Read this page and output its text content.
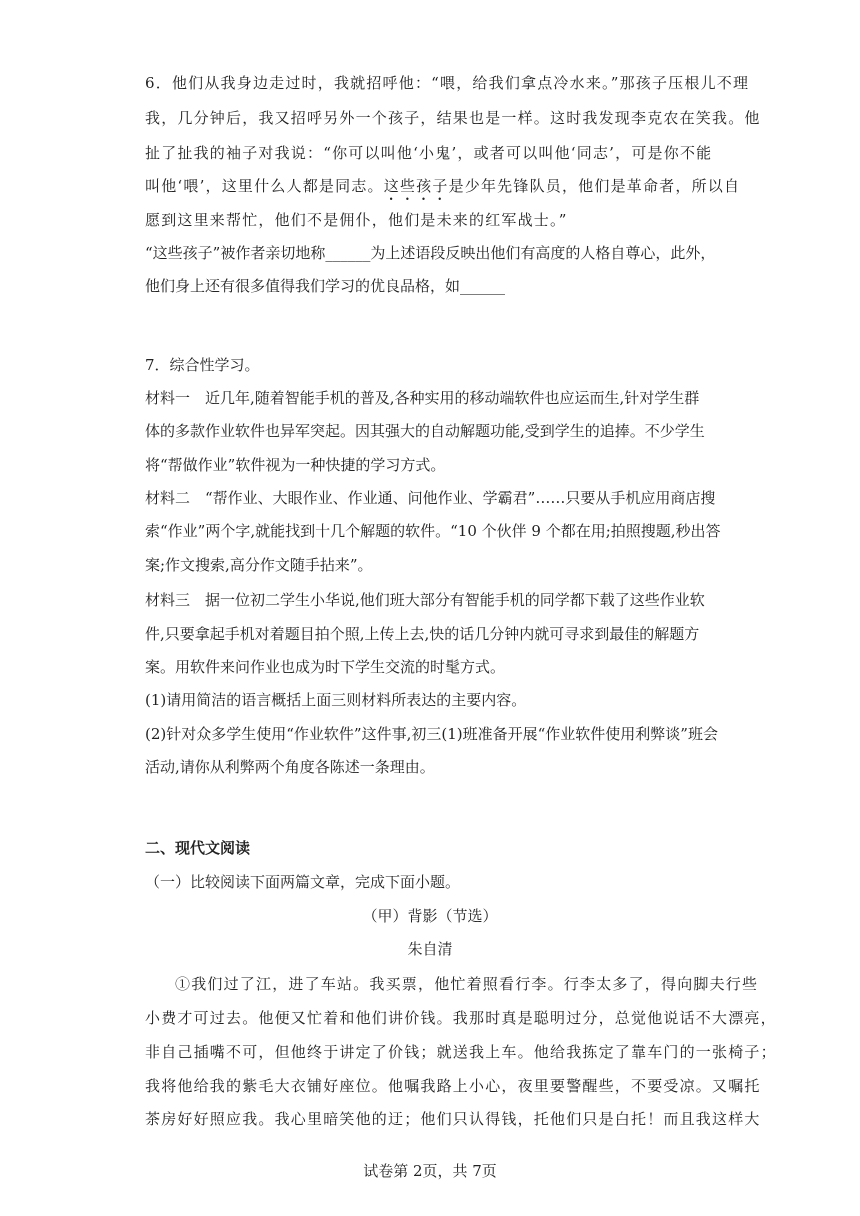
6．他们从我身边走过时，我就招呼他：“喂，给我们拿点冷水来。”那孩子压根儿不理
我，几分钟后，我又招呼另外一个孩子，结果也是一样。这时我发现李克农在笑我。他
扯了扯我的袖子对我说：“你可以叫他‘小鬼’，或者可以叫他‘同志’，可是你不能
叫他‘喂’，这里什么人都是同志。这些孩子是少年先锋队员，他们是革命者，所以自
愿到这里来帮忙，他们不是佣仆，他们是未来的红军战士。”
“这些孩子”被作者亲切地称______为上述语段反映出他们有高度的人格自尊心，此外，
他们身上还有很多值得我们学习的优良品格，如______
7．综合性学习。
材料一　近几年,随着智能手机的普及,各种实用的移动端软件也应运而生,针对学生群
体的多款作业软件也异军突起。因其强大的自动解题功能,受到学生的追捧。不少学生
将“帮做作业”软件视为一种快捷的学习方式。
材料二　“帮作业、大眼作业、作业通、问他作业、学霸君”……只要从手机应用商店搜
索“作业”两个字,就能找到十几个解题的软件。“10 个伙伴 9 个都在用;拍照搜题,秒出答
案;作文搜索,高分作文随手拈来”。
材料三　据一位初二学生小华说,他们班大部分有智能手机的同学都下载了这些作业软
件,只要拿起手机对着题目拍个照,上传上去,快的话几分钟内就可寻求到最佳的解题方
案。用软件来问作业也成为时下学生交流的时髦方式。
(1)请用简洁的语言概括上面三则材料所表达的主要内容。
(2)针对众多学生使用“作业软件”这件事,初三(1)班准备开展“作业软件使用利弊谈”班会
活动,请你从利弊两个角度各陈述一条理由。
二、现代文阅读
（一）比较阅读下面两篇文章，完成下面小题。
（甲）背影（节选）
朱自清
①我们过了江，进了车站。我买票，他忙着照看行李。行李太多了，得向脚夫行些
小费才可过去。他便又忙着和他们讲价钱。我那时真是聪明过分，总觉他说话不大漂亮，
非自己插嘴不可，但他终于讲定了价钱；就送我上车。他给我拣定了靠车门的一张椅子；
我将他给我的紫毛大衣铺好座位。他嘱我路上小心，夜里要警醒些，不要受凉。又嘱托
茶房好好照应我。我心里暗笑他的迂；他们只认得钱，托他们只是白托！而且我这样大
试卷第 2页，共 7页
